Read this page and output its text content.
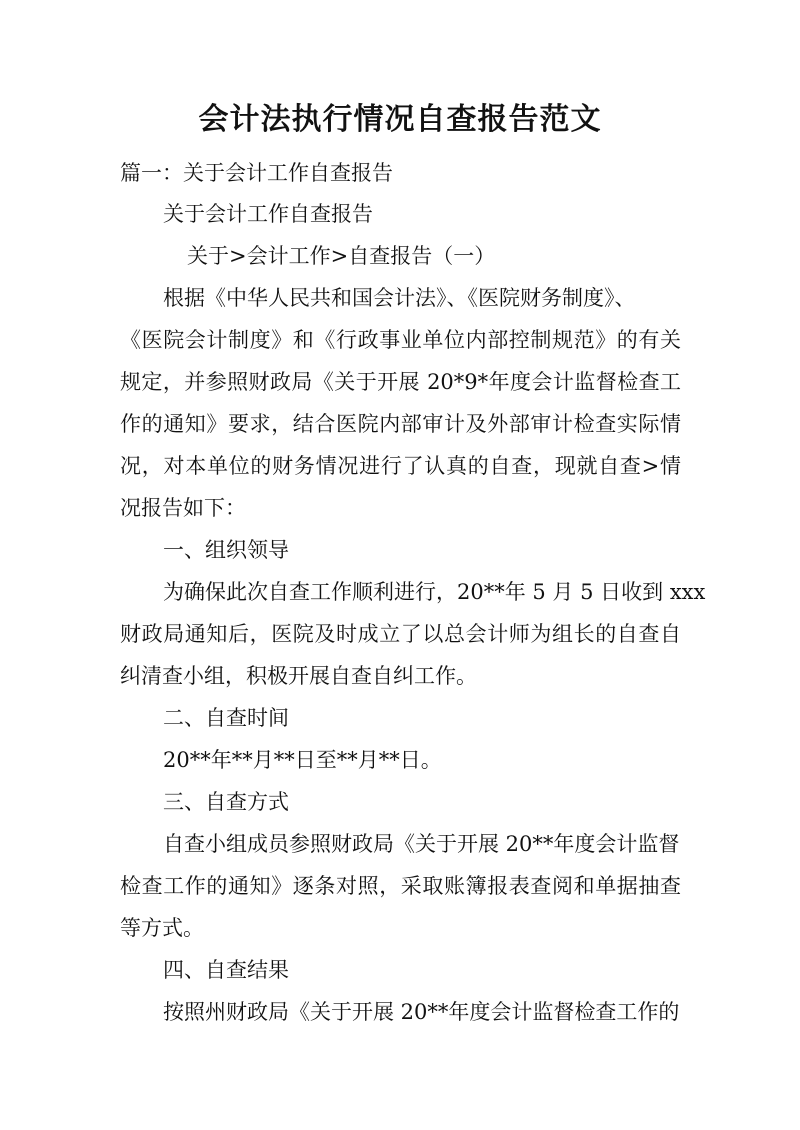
会计法执行情况自查报告范文
篇一：关于会计工作自查报告
关于会计工作自查报告
关于>会计工作>自查报告（一）
根据《中华人民共和国会计法》、《医院财务制度》、
《医院会计制度》和《行政事业单位内部控制规范》的有关
规定，并参照财政局《关于开展 20*9*年度会计监督检查工
作的通知》要求，结合医院内部审计及外部审计检查实际情
况，对本单位的财务情况进行了认真的自查，现就自查>情
况报告如下：
一、组织领导
为确保此次自查工作顺利进行，20**年 5 月 5 日收到 xxx
财政局通知后，医院及时成立了以总会计师为组长的自查自
纠清查小组，积极开展自查自纠工作。
二、自查时间
20**年**月**日至**月**日。
三、自查方式
自查小组成员参照财政局《关于开展 20**年度会计监督
检查工作的通知》逐条对照，采取账簿报表查阅和单据抽查
等方式。
四、自查结果
按照州财政局《关于开展 20**年度会计监督检查工作的
